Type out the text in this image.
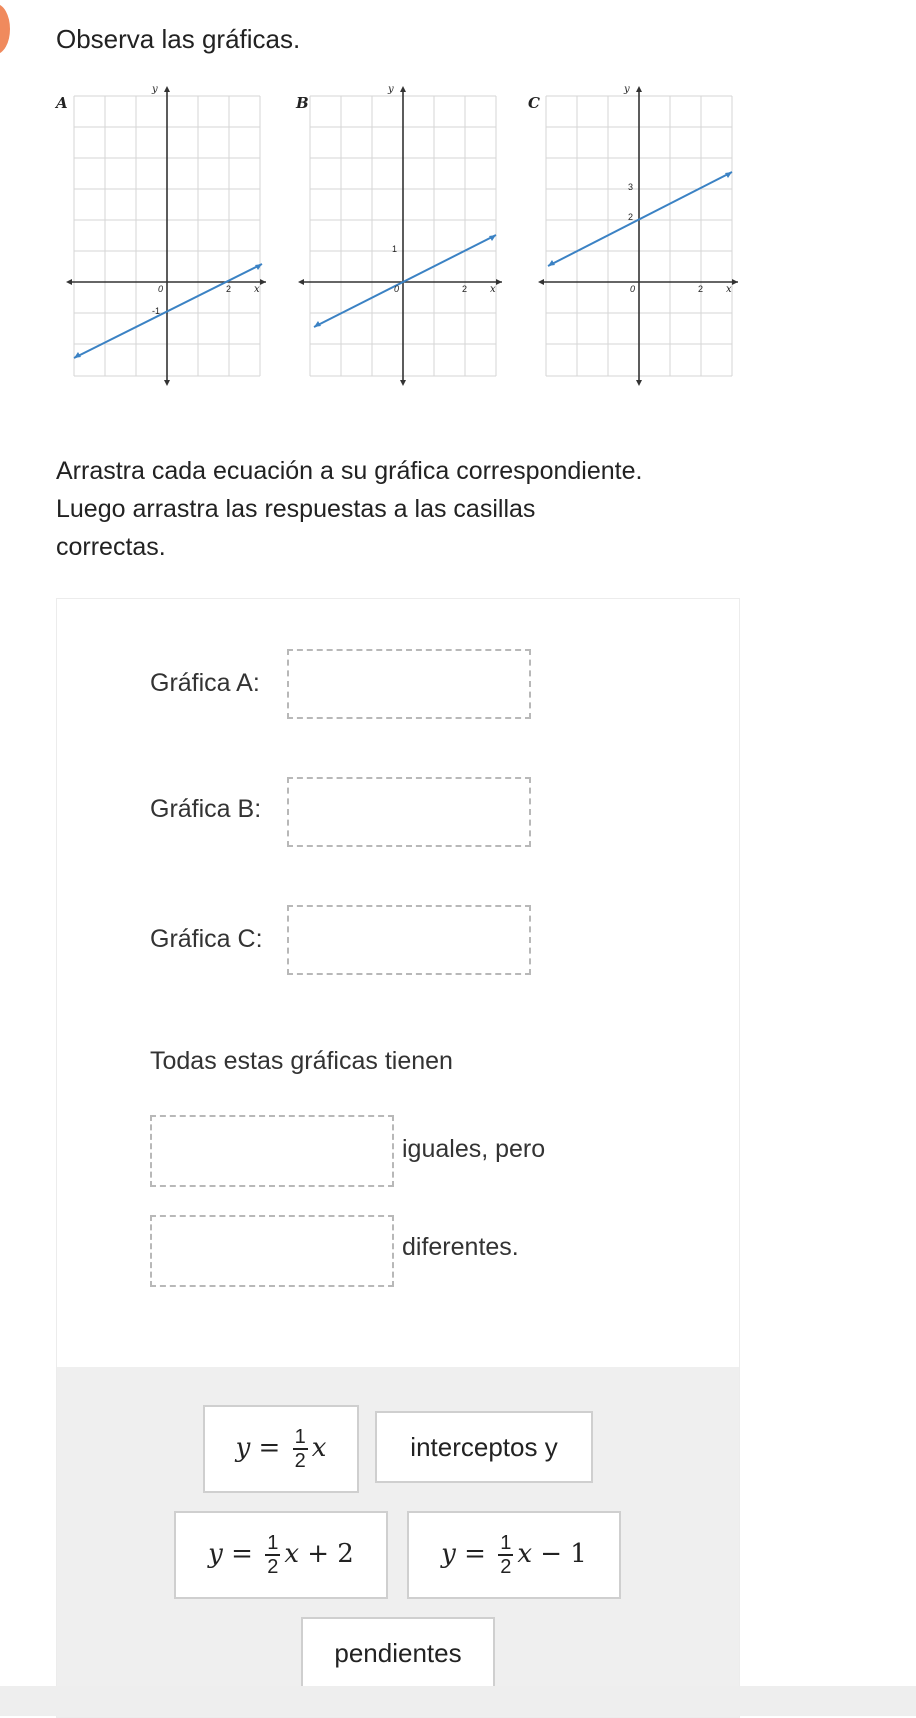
Observa las gráficas.
A
y
x
0	2
-1
B
y
x
0	2
1
C
y
x
0	2
3
2
Arrastra cada ecuación a su gráfica correspondiente.
Luego arrastra las respuestas a las casillas
correctas.
Gráfica A:
Gráfica B:
Gráfica C:
Todas estas gráficas tienen
iguales, pero
diferentes.
$y = \frac{1}{2}$ x	interceptos y
$y = \frac{1}{2}$ x + 2	$y = \frac{1}{2}$ x − 1
pendientes
